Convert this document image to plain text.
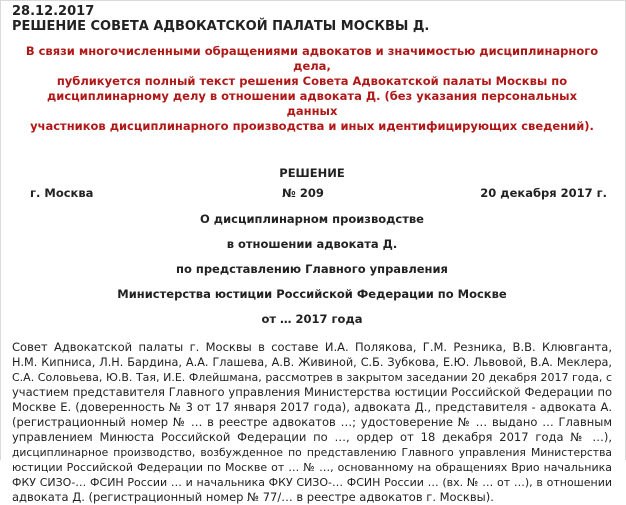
28.12.2017
РЕШЕНИЕ СОВЕТА АДВОКАТСКОЙ ПАЛАТЫ МОСКВЫ Д.
В связи многочисленными обращениями адвокатов и значимостью дисциплинарного дела,
публикуется полный текст решения Совета Адвокатской палаты Москвы по
дисциплинарному делу в отношении адвоката Д. (без указания персональных данных
участников дисциплинарного производства и иных идентифицирующих сведений).
РЕШЕНИЕ
г. Москва	№ 209	20 декабря 2017 г.
О дисциплинарном производстве
в отношении адвоката Д.
по представлению Главного управления
Министерства юстиции Российской Федерации по Москве
от … 2017 года
Совет Адвокатской палаты г. Москвы в составе И.А. Полякова, Г.М. Резника, В.В. Клювганта,
Н.М. Кипниса, Л.Н. Бардина, А.А. Глашева, А.В. Живиной, С.Б. Зубкова, Е.Ю. Львовой, В.А. Меклера,
С.А. Соловьева, Ю.В. Тая, И.Е. Флейшмана, рассмотрев в закрытом заседании 20 декабря 2017 года, с
участием представителя Главного управления Министерства юстиции Российской Федерации по
Москве Е. (доверенность № 3 от 17 января 2017 года), адвоката Д., представителя - адвоката А.
(регистрационный номер № … в реестре адвокатов …; удостоверение № … выдано … Главным
управлением Минюста Российской Федерации по …, ордер от 18 декабря 2017 года № …),
дисциплинарное производство, возбужденное по представлению Главного управления Министерства
юстиции Российской Федерации по Москве от … № …, основанному на обращениях Врио начальника
ФКУ СИЗО-… ФСИН России … и начальника ФКУ СИЗО-… ФСИН России … (вх. № … от …), в отношении
адвоката Д. (регистрационный номер № 77/… в реестре адвокатов г. Москвы).
